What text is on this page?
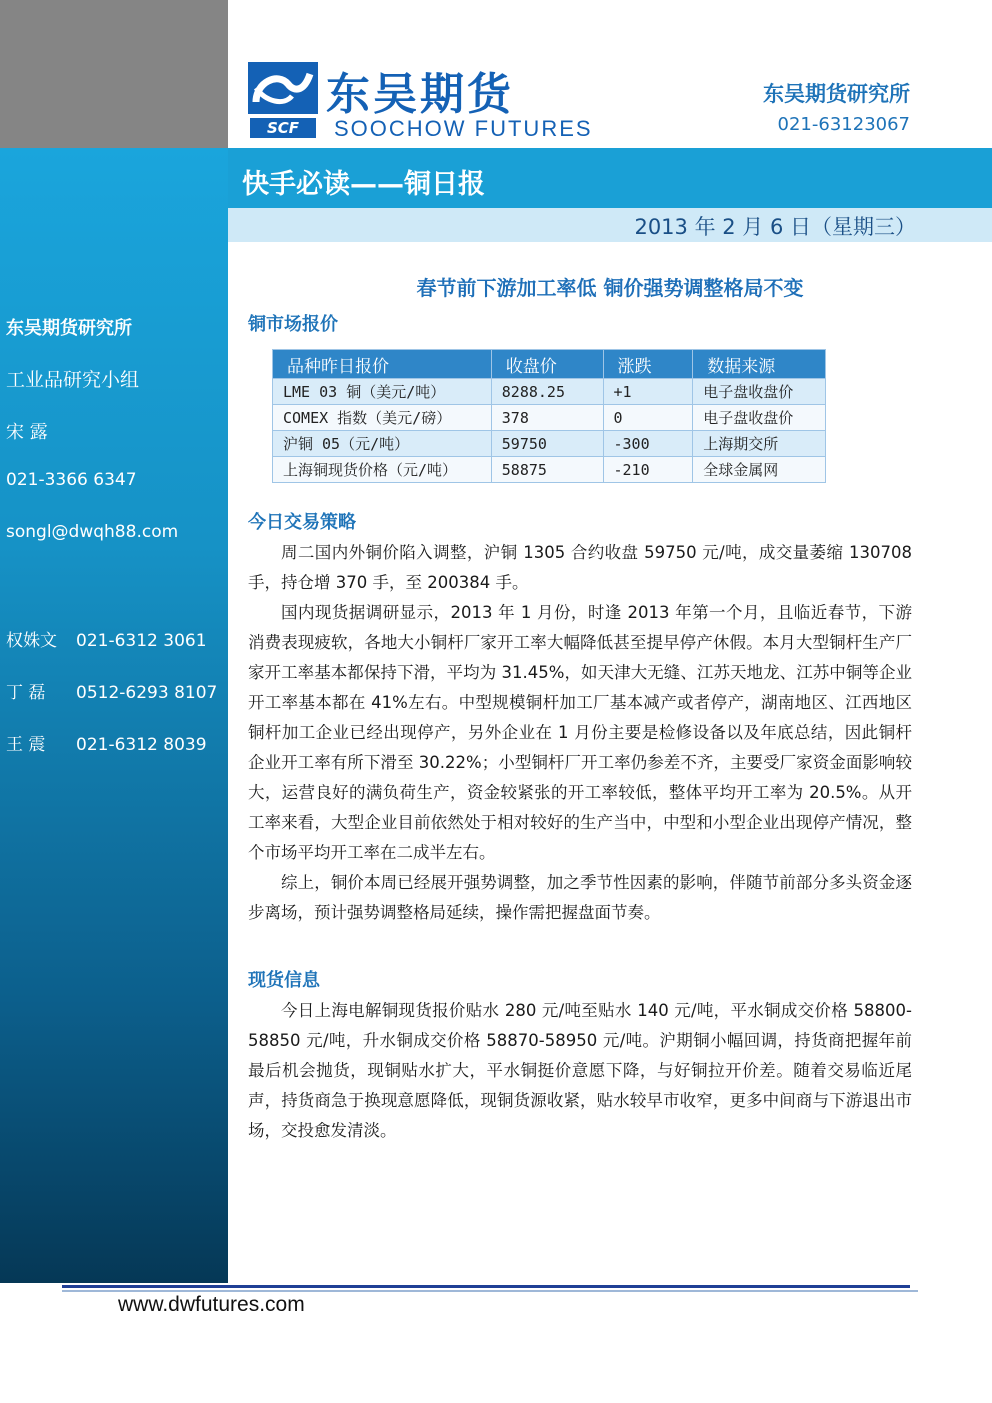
东吴期货研究所
工业品研究小组
宋 露
021-3366 6347
songl@dwqh88.com
权姝文 021-6312 3061
丁 磊 0512-6293 8107
王 震 021-6312 8039
SCF
东吴期货
SOOCHOW FUTURES
东吴期货研究所
021-63123067
快手必读——铜日报
2013 年 2 月 6 日（星期三）
春节前下游加工率低 铜价强势调整格局不变
铜市场报价
品种昨日报价	收盘价	涨跌	数据来源
LME 03 铜（美元/吨）	8288.25	+1	电子盘收盘价
COMEX 指数（美元/磅）	378	0	电子盘收盘价
沪铜 05（元/吨）	59750	-300	上海期交所
上海铜现货价格（元/吨）	58875	-210	全球金属网
今日交易策略
周二国内外铜价陷入调整，沪铜 1305 合约收盘 59750 元/吨，成交量萎缩 130708 手，持仓增 370 手，至 200384 手。
国内现货据调研显示，2013 年 1 月份，时逢 2013 年第一个月，且临近春节，下游消费表现疲软，各地大小铜杆厂家开工率大幅降低甚至提早停产休假。本月大型铜杆生产厂家开工率基本都保持下滑，平均为 31.45%，如天津大无缝、江苏天地龙、江苏中铜等企业开工率基本都在 41%左右。中型规模铜杆加工厂基本减产或者停产，湖南地区、江西地区铜杆加工企业已经出现停产，另外企业在 1 月份主要是检修设备以及年底总结，因此铜杆企业开工率有所下滑至 30.22%；小型铜杆厂开工率仍参差不齐，主要受厂家资金面影响较大，运营良好的满负荷生产，资金较紧张的开工率较低，整体平均开工率为 20.5%。从开工率来看，大型企业目前依然处于相对较好的生产当中，中型和小型企业出现停产情况，整个市场平均开工率在二成半左右。
综上，铜价本周已经展开强势调整，加之季节性因素的影响，伴随节前部分多头资金逐步离场，预计强势调整格局延续，操作需把握盘面节奏。
现货信息
今日上海电解铜现货报价贴水 280 元/吨至贴水 140 元/吨，平水铜成交价格 58800-58850 元/吨，升水铜成交价格 58870-58950 元/吨。沪期铜小幅回调，持货商把握年前最后机会抛货，现铜贴水扩大，平水铜挺价意愿下降，与好铜拉开价差。随着交易临近尾声，持货商急于换现意愿降低，现铜货源收紧，贴水较早市收窄，更多中间商与下游退出市场，交投愈发清淡。
www.dwfutures.com
